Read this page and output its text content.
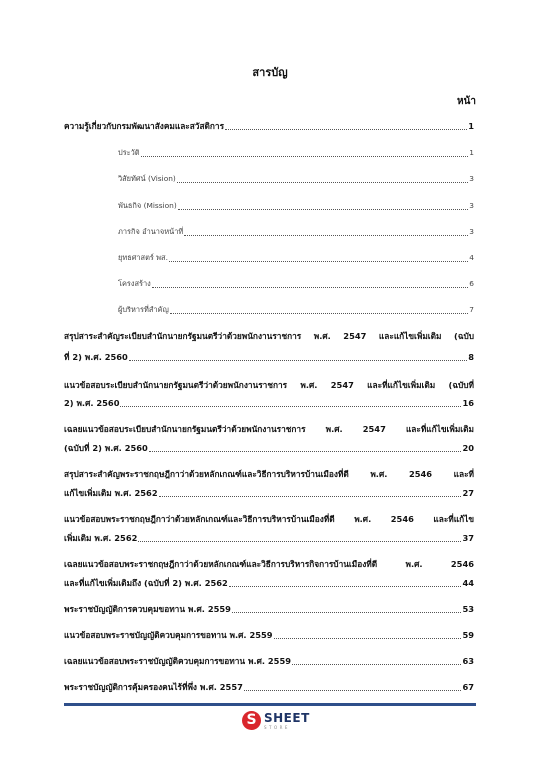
สารบัญ
หน้า
ความรู้เกี่ยวกับกรมพัฒนาสังคมและสวัสดิการ	1
ประวัติ	1
วิสัยทัศน์ (Vision)	3
พันธกิจ (Mission)	3
ภารกิจ อำนาจหน้าที่	3
ยุทธศาสตร์ พส.	4
โครงสร้าง	6
ผู้บริหารที่สำคัญ	7
สรุปสาระสำคัญระเบียบสำนักนายกรัฐมนตรีว่าด้วยพนักงานราชการ พ.ศ. 2547 และแก้ไขเพิ่มเติม (ฉบับ
ที่ 2) พ.ศ. 2560	8
แนวข้อสอบระเบียบสำนักนายกรัฐมนตรีว่าด้วยพนักงานราชการ พ.ศ. 2547 และที่แก้ไขเพิ่มเติม (ฉบับที่
2) พ.ศ. 2560	16
เฉลยแนวข้อสอบระเบียบสำนักนายกรัฐมนตรีว่าด้วยพนักงานราชการ พ.ศ. 2547 และที่แก้ไขเพิ่มเติม
(ฉบับที่ 2) พ.ศ. 2560	20
สรุปสาระสำคัญพระราชกฤษฎีกาว่าด้วยหลักเกณฑ์และวิธีการบริหารบ้านเมืองที่ดี พ.ศ. 2546 และที่
แก้ไขเพิ่มเติม พ.ศ. 2562	27
แนวข้อสอบพระราชกฤษฎีกาว่าด้วยหลักเกณฑ์และวิธีการบริหารบ้านเมืองที่ดี พ.ศ. 2546 และที่แก้ไข
เพิ่มเติม พ.ศ. 2562	37
เฉลยแนวข้อสอบพระราชกฤษฎีกาว่าด้วยหลักเกณฑ์และวิธีการบริหารกิจการบ้านเมืองที่ดี พ.ศ. 2546
และที่แก้ไขเพิ่มเติมถึง (ฉบับที่ 2) พ.ศ. 2562	44
พระราชบัญญัติการควบคุมขอทาน พ.ศ. 2559	53
แนวข้อสอบพระราชบัญญัติควบคุมการขอทาน พ.ศ. 2559	59
เฉลยแนวข้อสอบพระราชบัญญัติควบคุมการขอทาน พ.ศ. 2559	63
พระราชบัญญัติการคุ้มครองคนไร้ที่พึ่ง พ.ศ. 2557	67
S SHEET
STORE
